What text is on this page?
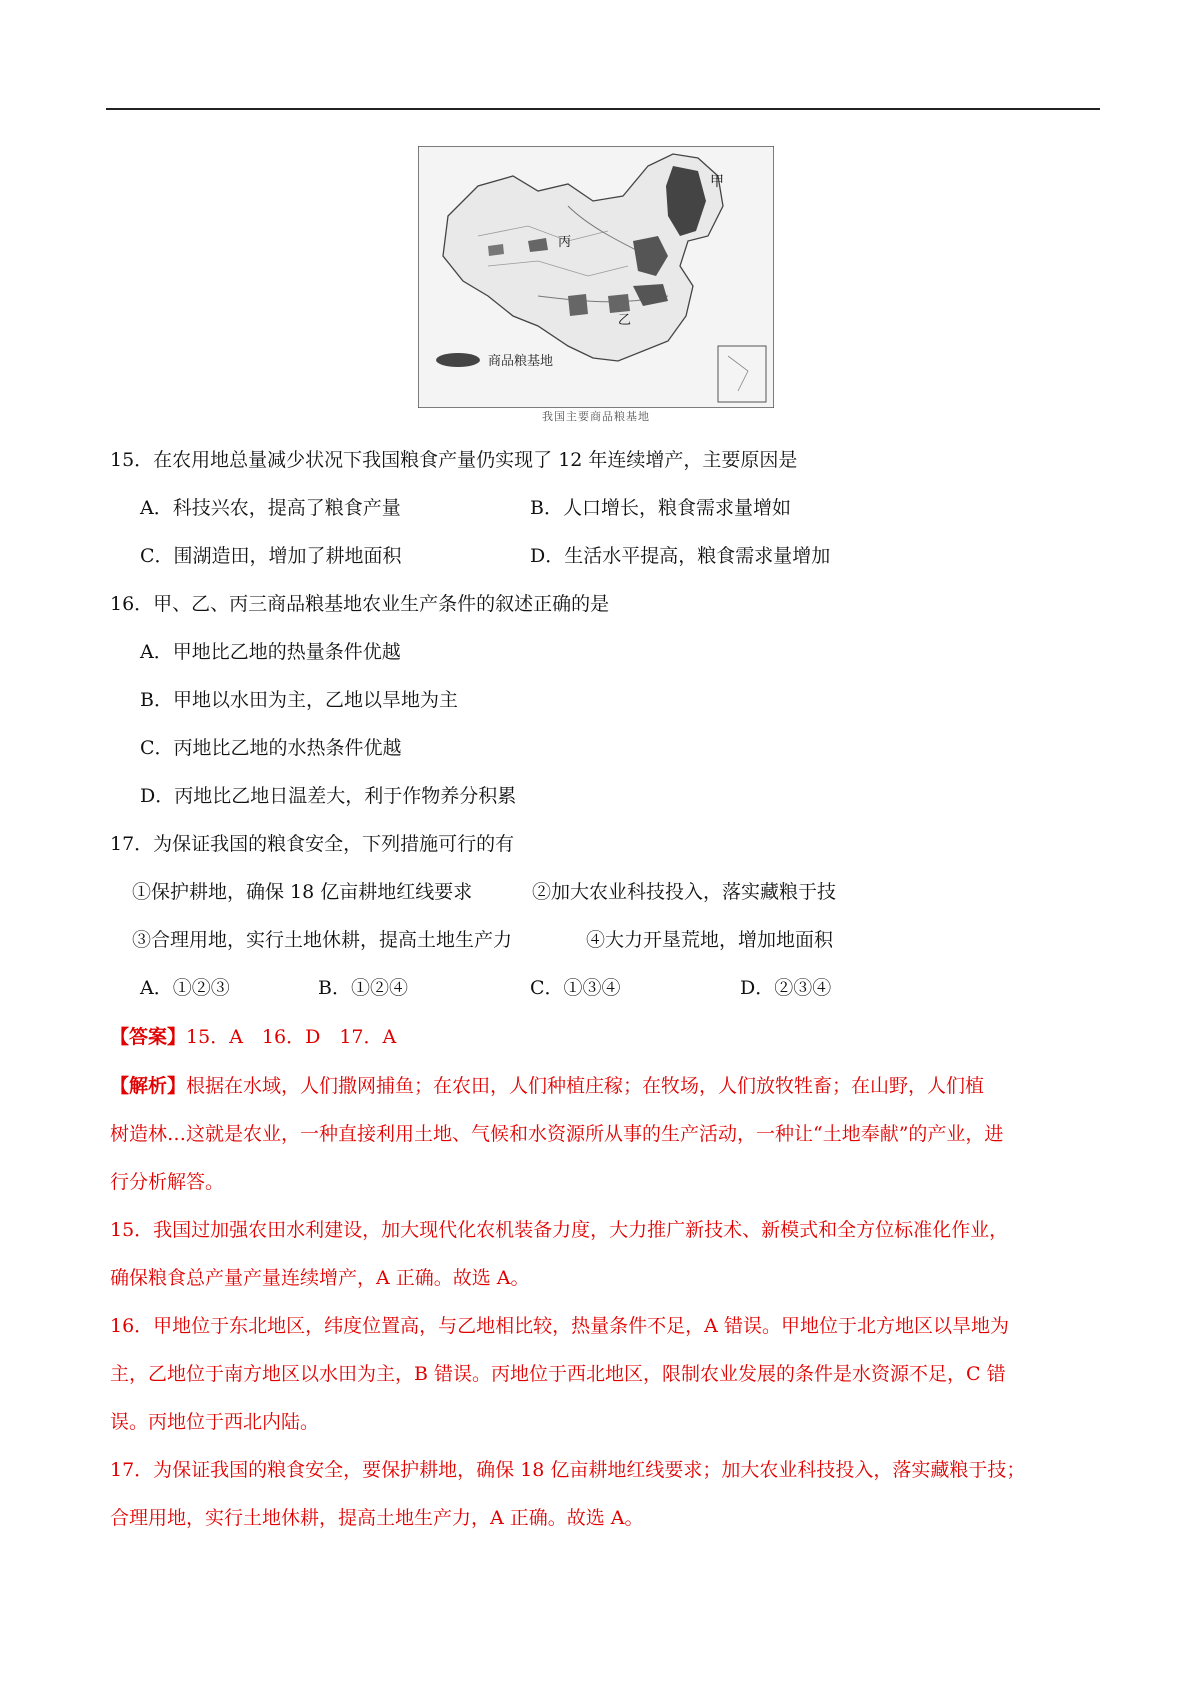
甲
丙
乙
商品粮基地
我国主要商品粮基地
15．在农用地总量减少状况下我国粮食产量仍实现了 12 年连续增产，主要原因是
A．科技兴农，提高了粮食产量	B．人口增长，粮食需求量增如
C．围湖造田，增加了耕地面积	D．生活水平提高，粮食需求量增加
16．甲、乙、丙三商品粮基地农业生产条件的叙述正确的是
A．甲地比乙地的热量条件优越
B．甲地以水田为主，乙地以旱地为主
C．丙地比乙地的水热条件优越
D．丙地比乙地日温差大，利于作物养分积累
17．为保证我国的粮食安全，下列措施可行的有
①保护耕地，确保 18 亿亩耕地红线要求	②加大农业科技投入，落实藏粮于技
③合理用地，实行土地休耕，提高土地生产力	④大力开垦荒地，增加地面积
A．①②③	B．①②④	C．①③④	D．②③④
【答案】15．A　16．D　17．A
【解析】根据在水域，人们撒网捕鱼；在农田，人们种植庄稼；在牧场，人们放牧牲畜；在山野，人们植
树造林…这就是农业，一种直接利用土地、气候和水资源所从事的生产活动，一种让“土地奉献”的产业，进
行分析解答。
15．我国过加强农田水利建设，加大现代化农机装备力度，大力推广新技术、新模式和全方位标准化作业，
确保粮食总产量产量连续增产，A 正确。故选 A。
16．甲地位于东北地区，纬度位置高，与乙地相比较，热量条件不足，A 错误。甲地位于北方地区以旱地为
主，乙地位于南方地区以水田为主，B 错误。丙地位于西北地区，限制农业发展的条件是水资源不足，C 错
误。丙地位于西北内陆。
17．为保证我国的粮食安全，要保护耕地，确保 18 亿亩耕地红线要求；加大农业科技投入，落实藏粮于技；
合理用地，实行土地休耕，提高土地生产力，A 正确。故选 A。
